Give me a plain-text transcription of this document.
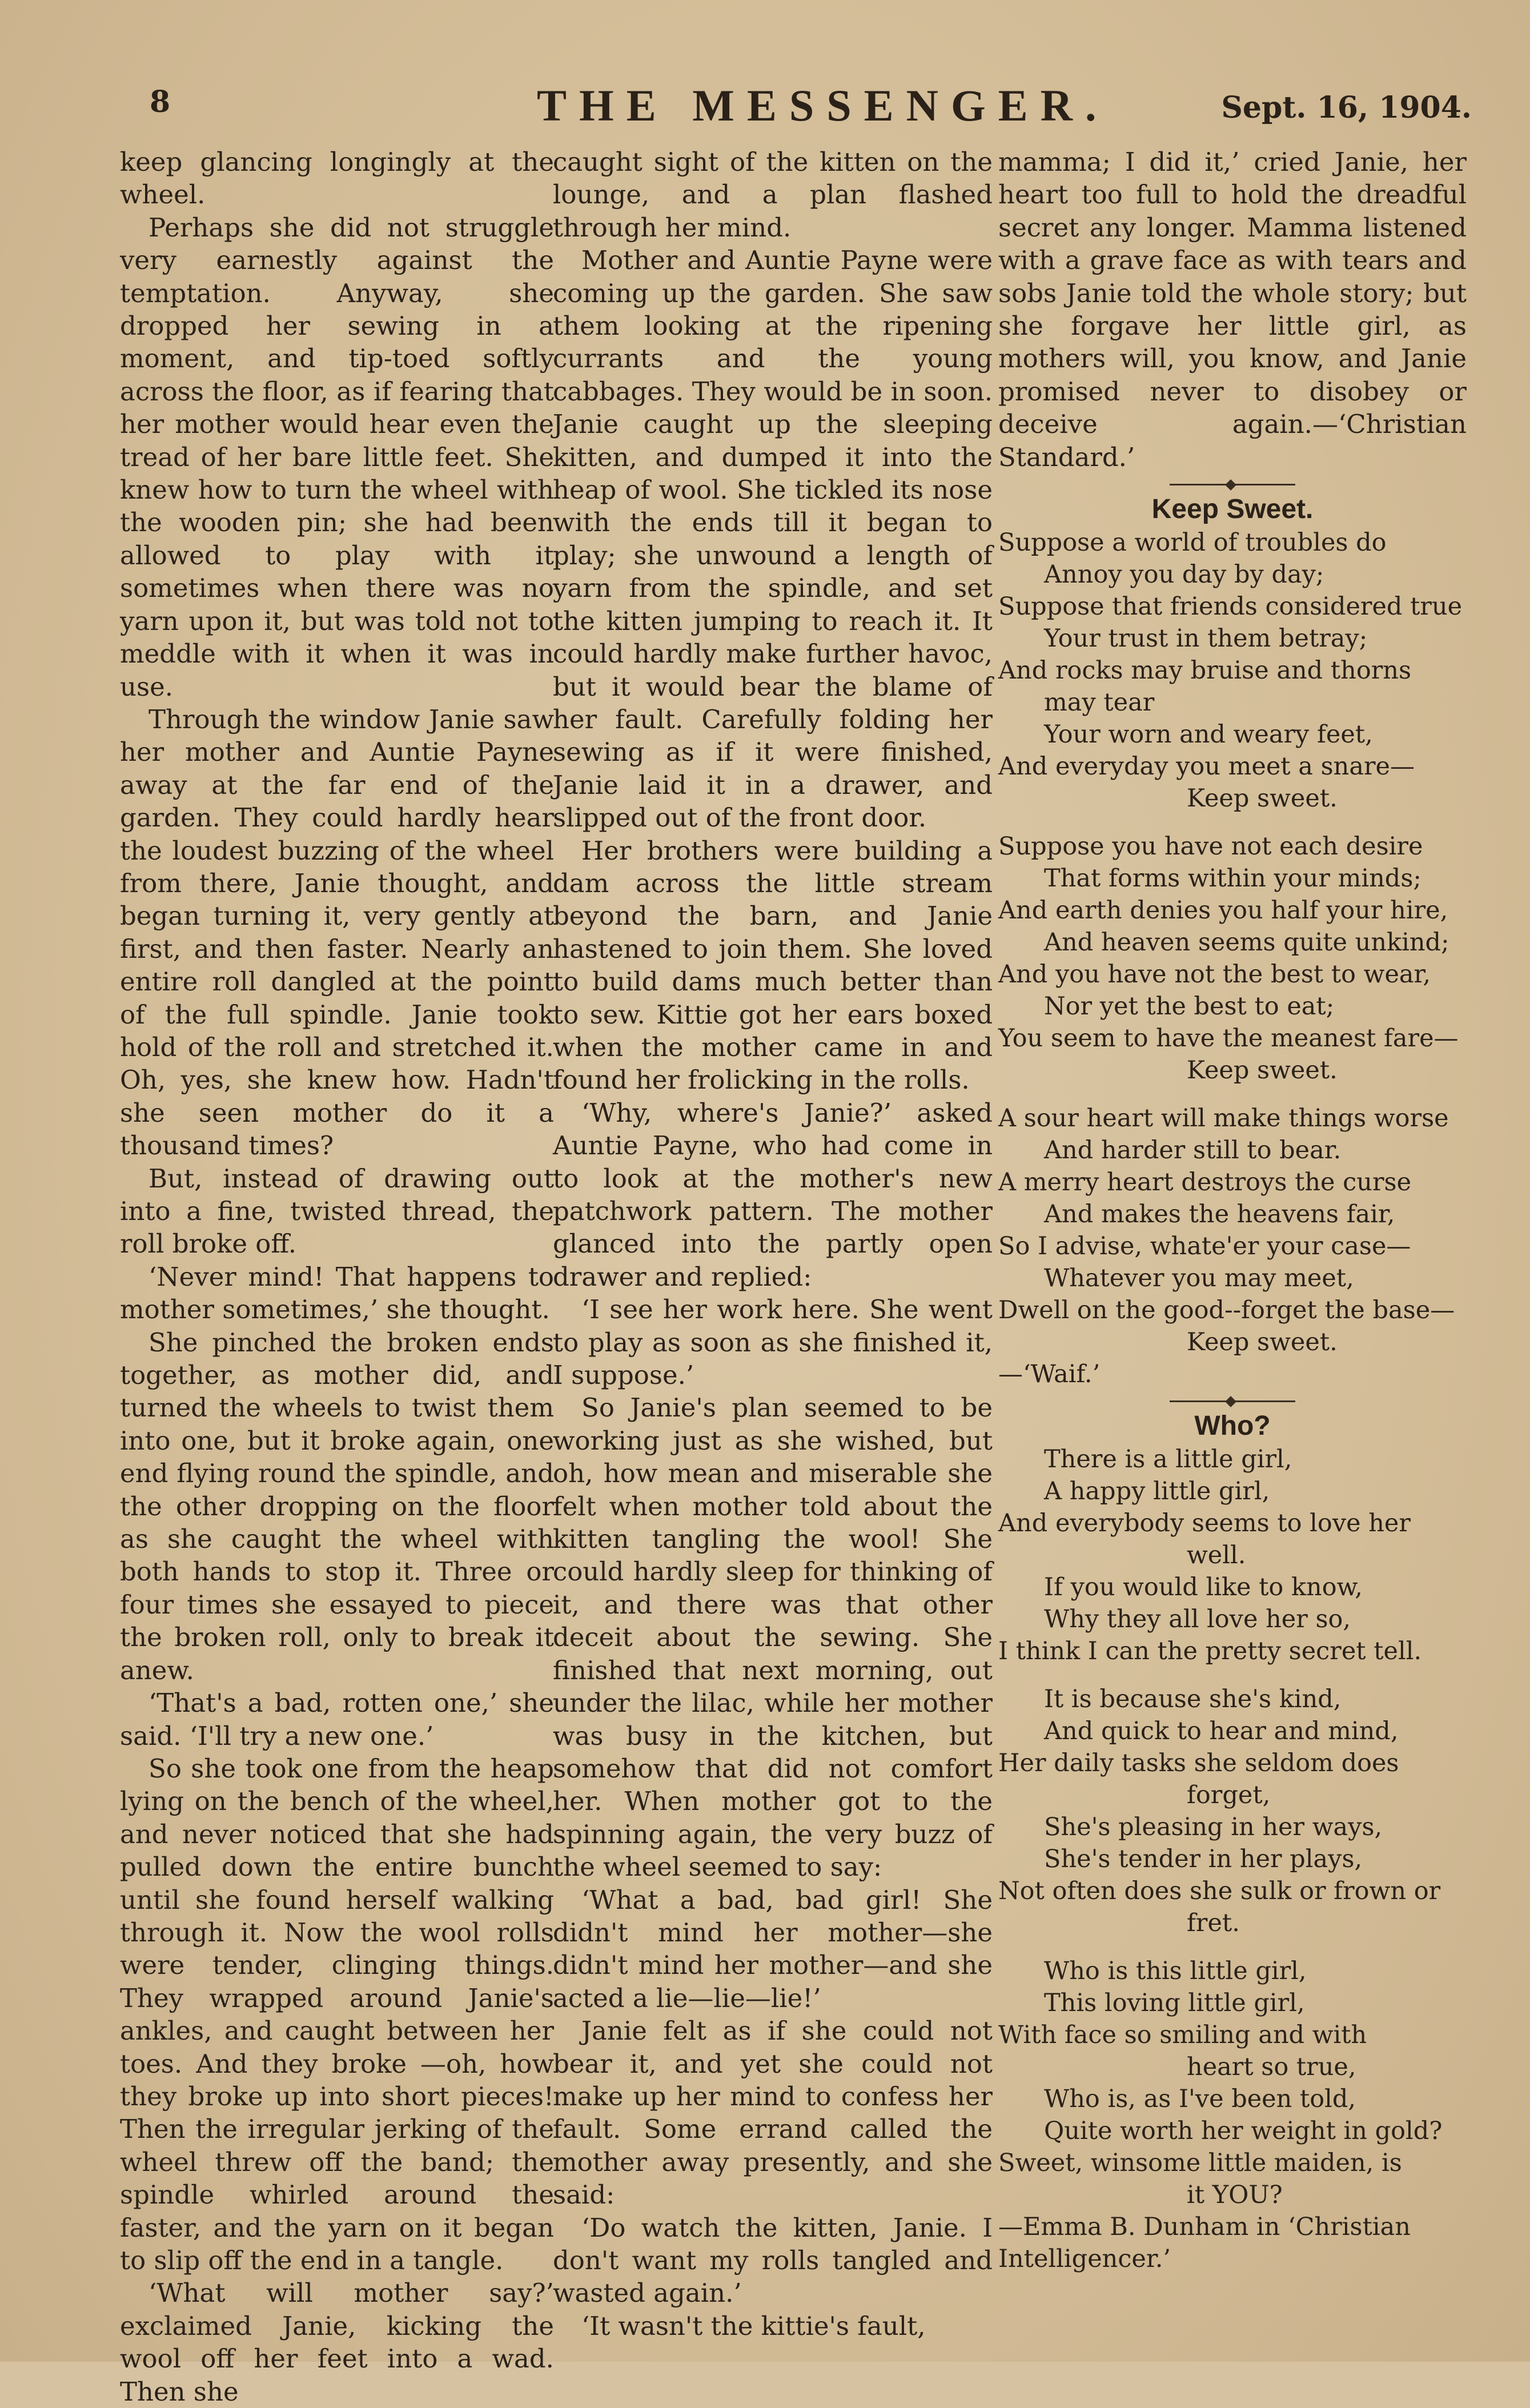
8	THE MESSENGER.	Sept. 16, 1904.

keep glancing longingly at the wheel.

Perhaps she did not struggle very earnestly against the temptation. Anyway, she dropped her sewing in a moment, and tip-toed softly across the floor, as if fearing that her mother would hear even the tread of her bare little feet. She knew how to turn the wheel with the wooden pin; she had been allowed to play with it sometimes when there was no yarn upon it, but was told not to meddle with it when it was in use.

Through the window Janie saw her mother and Auntie Payne away at the far end of the garden. They could hardly hear the loudest buzzing of the wheel from there, Janie thought, and began turning it, very gently at first, and then faster. Nearly an entire roll dangled at the point of the full spindle. Janie took hold of the roll and stretched it. Oh, yes, she knew how. Hadn't she seen mother do it a thousand times?

But, instead of drawing out into a fine, twisted thread, the roll broke off.

‘Never mind! That happens to mother sometimes,’ she thought.

She pinched the broken ends together, as mother did, and turned the wheels to twist them into one, but it broke again, one end flying round the spindle, and the other dropping on the floor as she caught the wheel with both hands to stop it. Three or four times she essayed to piece the broken roll, only to break it anew.

‘That's a bad, rotten one,’ she said. ‘I'll try a new one.’

So she took one from the heap lying on the bench of the wheel, and never noticed that she had pulled down the entire bunch until she found herself walking through it. Now the wool rolls were tender, clinging things. They wrapped around Janie's ankles, and caught between her toes. And they broke —oh, how they broke up into short pieces! Then the irregular jerking of the wheel threw off the band; the spindle whirled around the faster, and the yarn on it began to slip off the end in a tangle.

‘What will mother say?’ exclaimed Janie, kicking the wool off her feet into a wad. Then she

caught sight of the kitten on the lounge, and a plan flashed through her mind.

Mother and Auntie Payne were coming up the garden. She saw them looking at the ripening currants and the young cabbages. They would be in soon. Janie caught up the sleeping kitten, and dumped it into the heap of wool. She tickled its nose with the ends till it began to play; she unwound a length of yarn from the spindle, and set the kitten jumping to reach it. It could hardly make further havoc, but it would bear the blame of her fault. Carefully folding her sewing as if it were finished, Janie laid it in a drawer, and slipped out of the front door.

Her brothers were building a dam across the little stream beyond the barn, and Janie hastened to join them. She loved to build dams much better than to sew. Kittie got her ears boxed when the mother came in and found her frolicking in the rolls.

‘Why, where's Janie?’ asked Auntie Payne, who had come in to look at the mother's new patchwork pattern. The mother glanced into the partly open drawer and replied:

‘I see her work here. She went to play as soon as she finished it, I suppose.’

So Janie's plan seemed to be working just as she wished, but oh, how mean and miserable she felt when mother told about the kitten tangling the wool! She could hardly sleep for thinking of it, and there was that other deceit about the sewing. She finished that next morning, out under the lilac, while her mother was busy in the kitchen, but somehow that did not comfort her. When mother got to the spinning again, the very buzz of the wheel seemed to say:

‘What a bad, bad girl! She didn't mind her mother—she didn't mind her mother—and she acted a lie—lie—lie!’

Janie felt as if she could not bear it, and yet she could not make up her mind to confess her fault. Some errand called the mother away presently, and she said:

‘Do watch the kitten, Janie. I don't want my rolls tangled and wasted again.’

‘It wasn't the kittie's fault,

mamma; I did it,’ cried Janie, her heart too full to hold the dreadful secret any longer. Mamma listened with a grave face as with tears and sobs Janie told the whole story; but she forgave her little girl, as mothers will, you know, and Janie promised never to disobey or deceive again.—‘Christian Standard.’

Keep Sweet.
Suppose a world of troubles do
Annoy you day by day;
Suppose that friends considered true
Your trust in them betray;
And rocks may bruise and thorns
may tear
Your worn and weary feet,
And everyday you meet a snare—
Keep sweet.
Suppose you have not each desire
That forms within your minds;
And earth denies you half your hire,
And heaven seems quite unkind;
And you have not the best to wear,
Nor yet the best to eat;
You seem to have the meanest fare—
Keep sweet.
A sour heart will make things worse
And harder still to bear.
A merry heart destroys the curse
And makes the heavens fair,
So I advise, whate'er your case—
Whatever you may meet,
Dwell on the good--forget the base—
Keep sweet.
—‘Waif.’
Who?
There is a little girl,
A happy little girl,
And everybody seems to love her
well.
If you would like to know,
Why they all love her so,
I think I can the pretty secret tell.
It is because she's kind,
And quick to hear and mind,
Her daily tasks she seldom does
forget,
She's pleasing in her ways,
She's tender in her plays,
Not often does she sulk or frown or
fret.
Who is this little girl,
This loving little girl,
With face so smiling and with
heart so true,
Who is, as I've been told,
Quite worth her weight in gold?
Sweet, winsome little maiden, is
it YOU?
—Emma B. Dunham in ‘Christian Intelligencer.’
